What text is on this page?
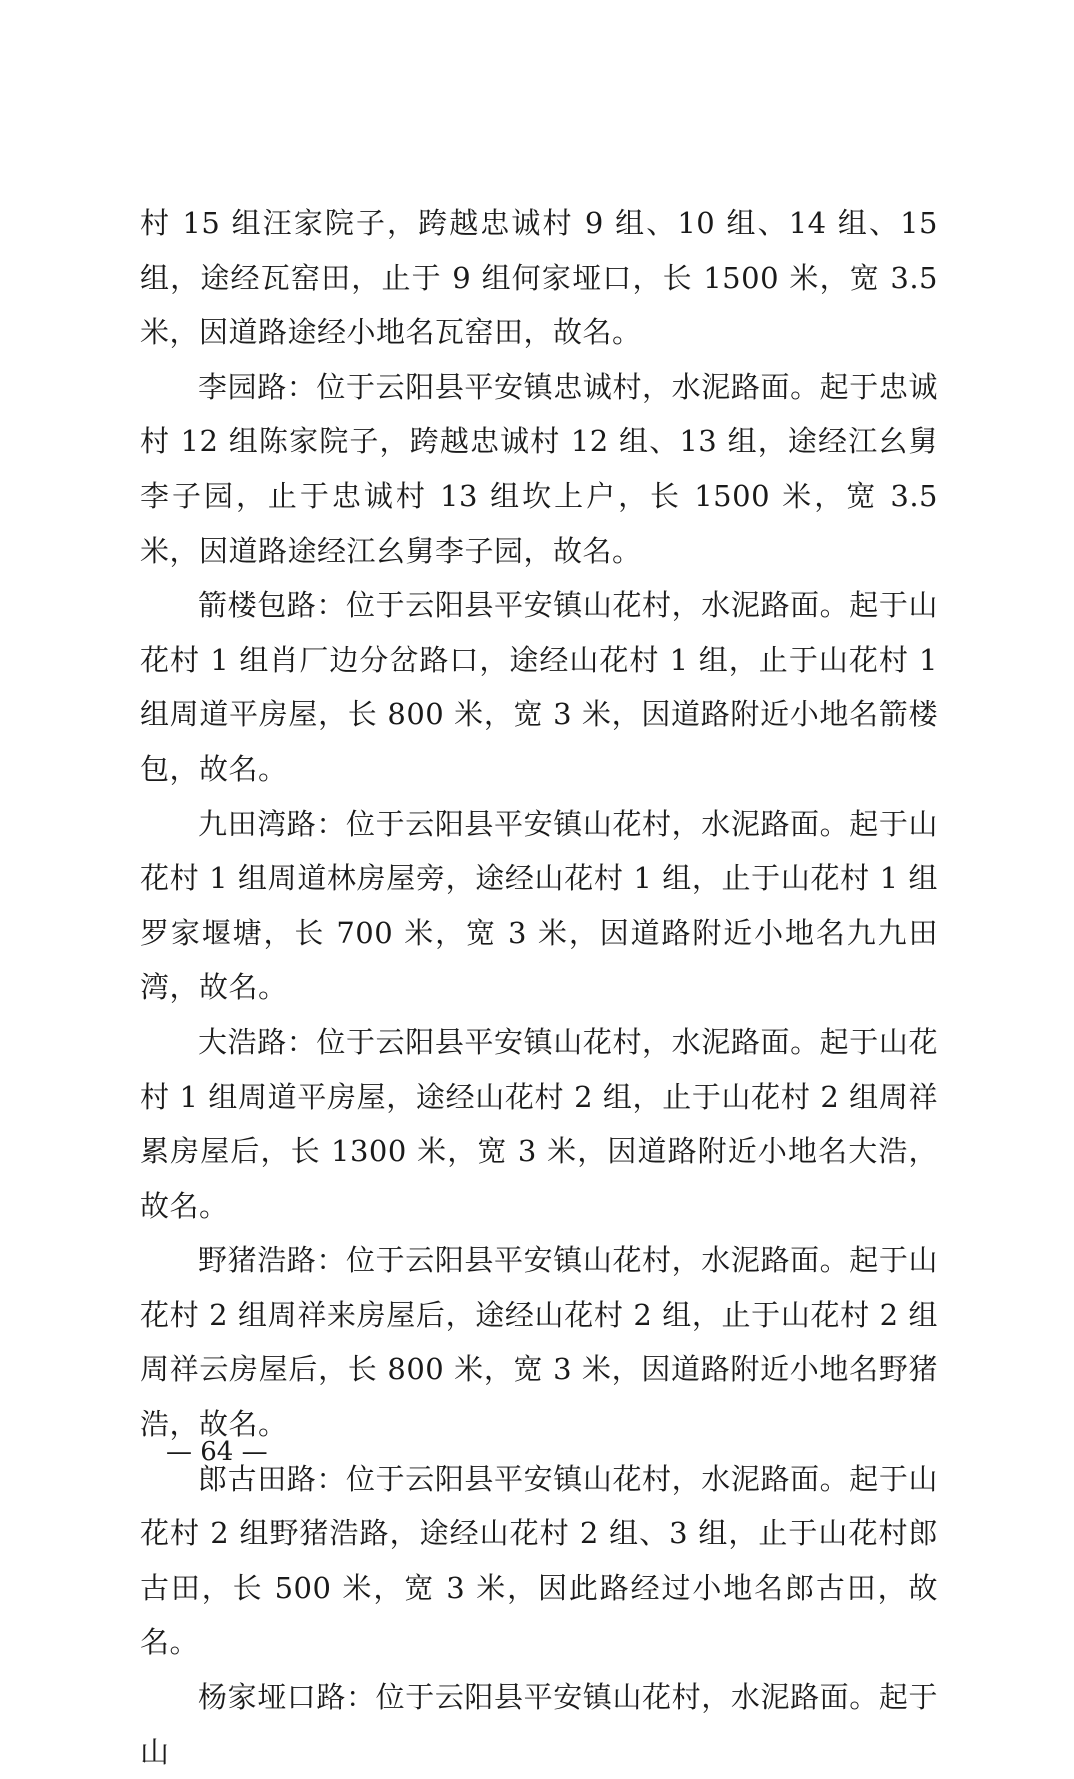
村 15 组汪家院子，跨越忠诚村 9 组、10 组、14 组、15 组，途经瓦窑田，止于 9 组何家垭口，长 1500 米，宽 3.5 米，因道路途经小地名瓦窑田，故名。

李园路：位于云阳县平安镇忠诚村，水泥路面。起于忠诚村 12 组陈家院子，跨越忠诚村 12 组、13 组，途经江幺舅李子园，止于忠诚村 13 组坎上户，长 1500 米，宽 3.5 米，因道路途经江幺舅李子园，故名。

箭楼包路：位于云阳县平安镇山花村，水泥路面。起于山花村 1 组肖厂边分岔路口，途经山花村 1 组，止于山花村 1 组周道平房屋，长 800 米，宽 3 米，因道路附近小地名箭楼包，故名。

九田湾路：位于云阳县平安镇山花村，水泥路面。起于山花村 1 组周道林房屋旁，途经山花村 1 组，止于山花村 1 组罗家堰塘，长 700 米，宽 3 米，因道路附近小地名九九田湾，故名。

大浩路：位于云阳县平安镇山花村，水泥路面。起于山花村 1 组周道平房屋，途经山花村 2 组，止于山花村 2 组周祥累房屋后，长 1300 米，宽 3 米，因道路附近小地名大浩，故名。

野猪浩路：位于云阳县平安镇山花村，水泥路面。起于山花村 2 组周祥来房屋后，途经山花村 2 组，止于山花村 2 组周祥云房屋后，长 800 米，宽 3 米，因道路附近小地名野猪浩，故名。

郎古田路：位于云阳县平安镇山花村，水泥路面。起于山花村 2 组野猪浩路，途经山花村 2 组、3 组，止于山花村郎古田，长 500 米，宽 3 米，因此路经过小地名郎古田，故名。

杨家垭口路：位于云阳县平安镇山花村，水泥路面。起于山

— 64 —
